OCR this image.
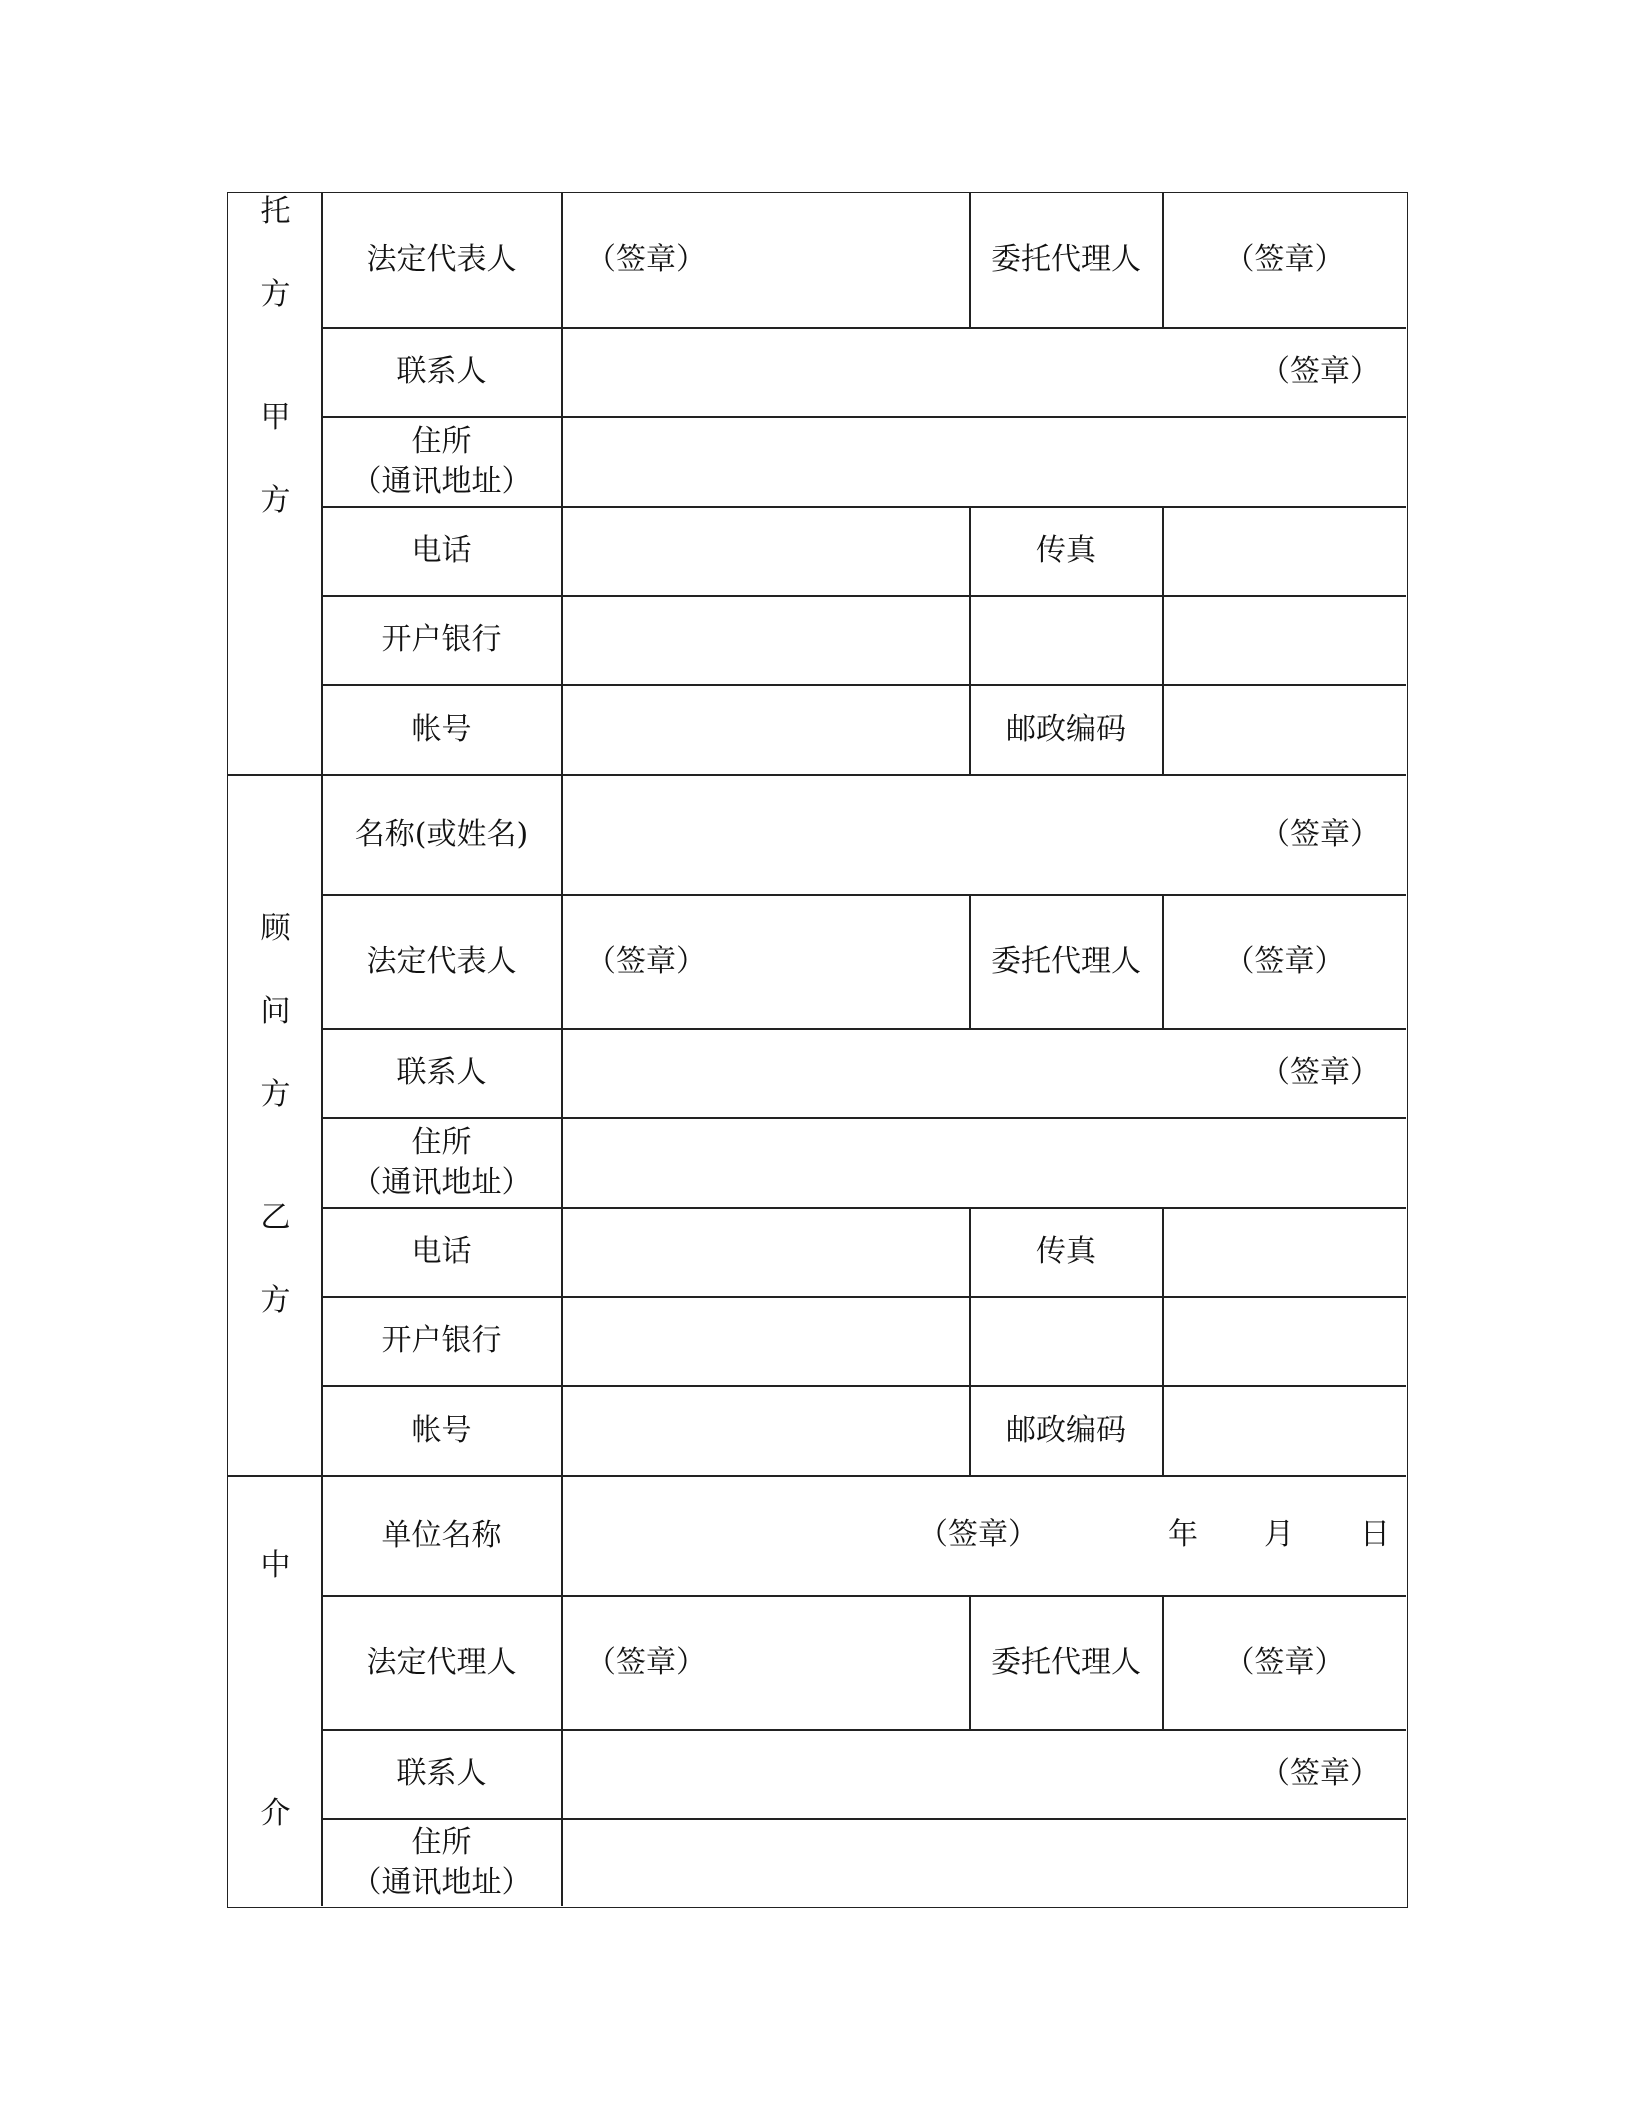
托
方
甲
方
法定代表人	（签章）	委托代理人	（签章）
联系人	（签章）
住所
（通讯地址）
电话	传真
开户银行
帐号	邮政编码
顾
问
方
乙
方
名称(或姓名)	（签章）
法定代表人	（签章）	委托代理人	（签章）
联系人	（签章）
住所
（通讯地址）
电话	传真
开户银行
帐号	邮政编码
中
介
单位名称	（签章）	年 月 日
法定代理人	（签章）	委托代理人	（签章）
联系人	（签章）
住所
（通讯地址）
